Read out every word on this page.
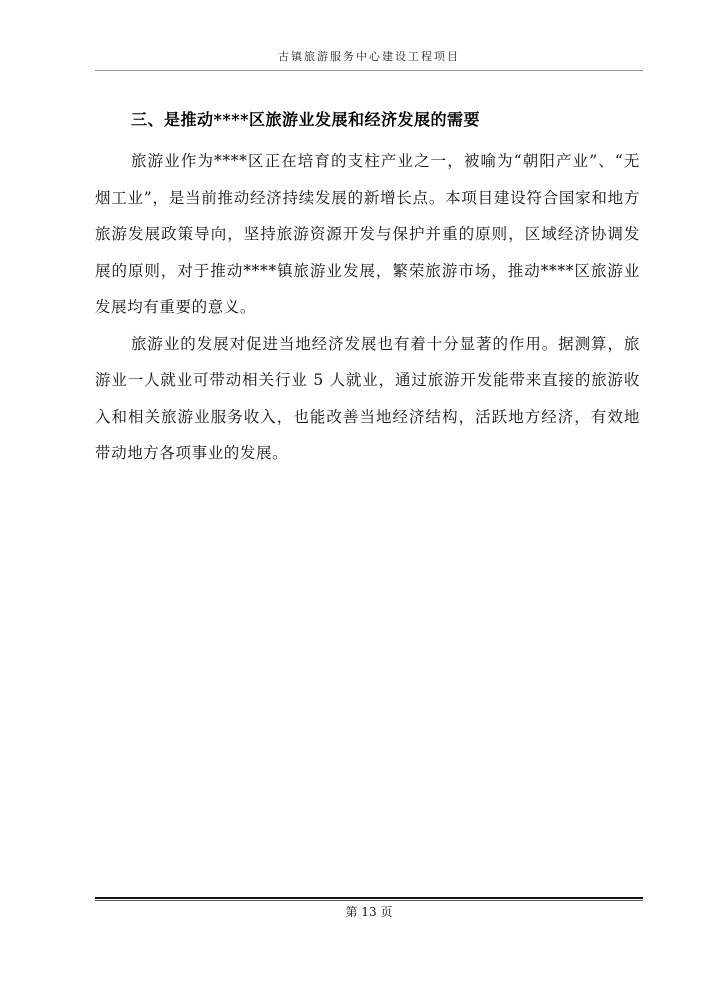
古镇旅游服务中心建设工程项目
三、是推动****区旅游业发展和经济发展的需要

旅游业作为****区正在培育的支柱产业之一，被喻为“朝阳产业”、“无烟工业”，是当前推动经济持续发展的新增长点。本项目建设符合国家和地方旅游发展政策导向，坚持旅游资源开发与保护并重的原则，区域经济协调发展的原则，对于推动****镇旅游业发展，繁荣旅游市场，推动****区旅游业发展均有重要的意义。

旅游业的发展对促进当地经济发展也有着十分显著的作用。据测算，旅游业一人就业可带动相关行业 5 人就业，通过旅游开发能带来直接的旅游收入和相关旅游业服务收入，也能改善当地经济结构，活跃地方经济，有效地带动地方各项事业的发展。

第 13 页
